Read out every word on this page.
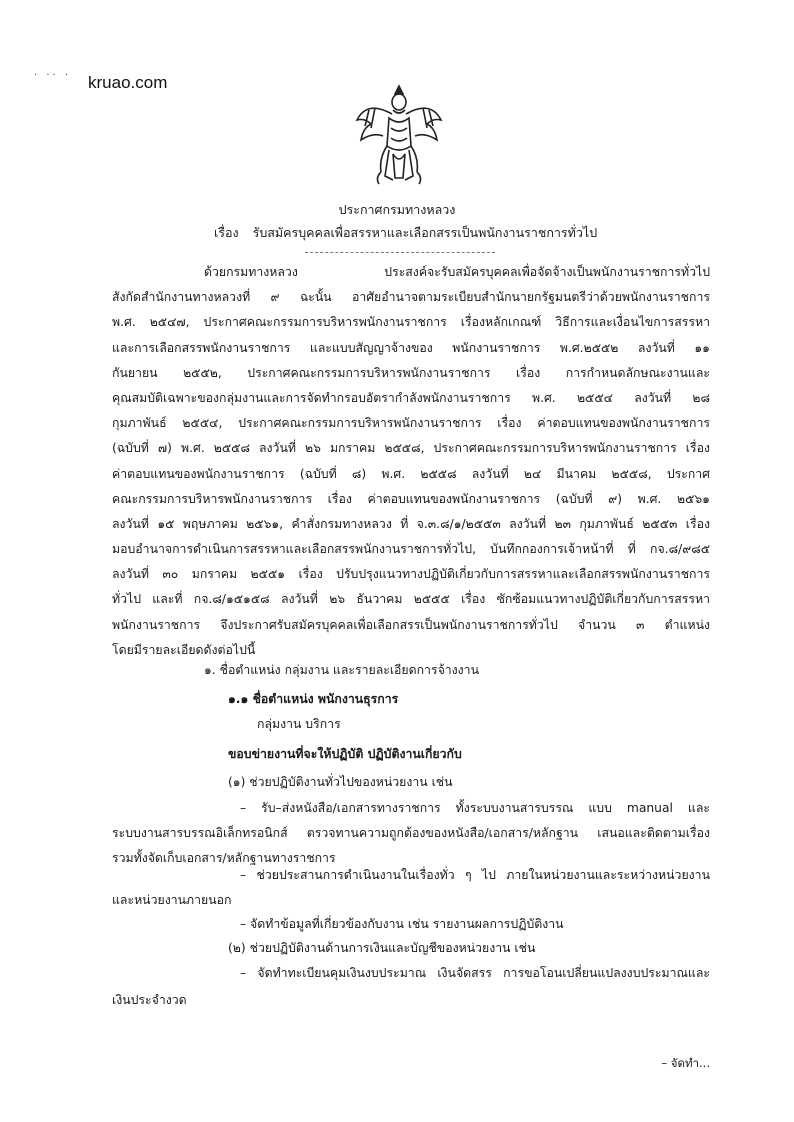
· ·· · kruao.com
ประกาศกรมทางหลวง
เรื่อง รับสมัครบุคคลเพื่อสรรหาและเลือกสรรเป็นพนักงานราชการทั่วไป
ด้วยกรมทางหลวง ประสงค์จะรับสมัครบุคคลเพื่อจัดจ้างเป็นพนักงานราชการทั่วไป
สังกัดสำนักงานทางหลวงที่ ๙ ฉะนั้น อาศัยอำนาจตามระเบียบสำนักนายกรัฐมนตรีว่าด้วยพนักงานราชการ
พ.ศ. ๒๕๔๗, ประกาศคณะกรรมการบริหารพนักงานราชการ เรื่องหลักเกณฑ์ วิธีการและเงื่อนไขการสรรหา
และการเลือกสรรพนักงานราชการ และแบบสัญญาจ้างของ พนักงานราชการ พ.ศ.๒๕๕๒ ลงวันที่ ๑๑
กันยายน ๒๕๕๒, ประกาศคณะกรรมการบริหารพนักงานราชการ เรื่อง การกำหนดลักษณะงานและ
คุณสมบัติเฉพาะของกลุ่มงานและการจัดทำกรอบอัตรากำลังพนักงานราชการ พ.ศ. ๒๕๕๔ ลงวันที่ ๒๘
กุมภาพันธ์ ๒๕๕๔, ประกาศคณะกรรมการบริหารพนักงานราชการ เรื่อง ค่าตอบแทนของพนักงานราชการ
(ฉบับที่ ๗) พ.ศ. ๒๕๕๘ ลงวันที่ ๒๖ มกราคม ๒๕๕๘, ประกาศคณะกรรมการบริหารพนักงานราชการ เรื่อง
ค่าตอบแทนของพนักงานราชการ (ฉบับที่ ๘) พ.ศ. ๒๕๕๘ ลงวันที่ ๒๔ มีนาคม ๒๕๕๘, ประกาศ
คณะกรรมการบริหารพนักงานราชการ เรื่อง ค่าตอบแทนของพนักงานราชการ (ฉบับที่ ๙) พ.ศ. ๒๕๖๑
ลงวันที่ ๑๕ พฤษภาคม ๒๕๖๑, คำสั่งกรมทางหลวง ที่ จ.๓.๘/๑/๒๕๕๓ ลงวันที่ ๒๓ กุมภาพันธ์ ๒๕๕๓ เรื่อง
มอบอำนาจการดำเนินการสรรหาและเลือกสรรพนักงานราชการทั่วไป, บันทึกกองการเจ้าหน้าที่ ที่ กจ.๘/๙๘๕
ลงวันที่ ๓๐ มกราคม ๒๕๕๑ เรื่อง ปรับปรุงแนวทางปฏิบัติเกี่ยวกับการสรรหาและเลือกสรรพนักงานราชการ
ทั่วไป และที่ กจ.๘/๑๕๑๕๘ ลงวันที่ ๒๖ ธันวาคม ๒๕๕๕ เรื่อง ซักซ้อมแนวทางปฏิบัติเกี่ยวกับการสรรหา
พนักงานราชการ จึงประกาศรับสมัครบุคคลเพื่อเลือกสรรเป็นพนักงานราชการทั่วไป จำนวน ๓ ตำแหน่ง
โดยมีรายละเอียดดังต่อไปนี้
๑. ชื่อตำแหน่ง กลุ่มงาน และรายละเอียดการจ้างงาน
๑.๑ ชื่อตำแหน่ง พนักงานธุรการ
กลุ่มงาน บริการ
ขอบข่ายงานที่จะให้ปฏิบัติ ปฏิบัติงานเกี่ยวกับ
(๑) ช่วยปฏิบัติงานทั่วไปของหน่วยงาน เช่น
– รับ–ส่งหนังสือ/เอกสารทางราชการ ทั้งระบบงานสารบรรณ แบบ manual และ
ระบบงานสารบรรณอิเล็กทรอนิกส์ ตรวจทานความถูกต้องของหนังสือ/เอกสาร/หลักฐาน เสนอและติดตามเรื่อง
รวมทั้งจัดเก็บเอกสาร/หลักฐานทางราชการ
– ช่วยประสานการดำเนินงานในเรื่องทั่ว ๆ ไป ภายในหน่วยงานและระหว่างหน่วยงาน
และหน่วยงานภายนอก
– จัดทำข้อมูลที่เกี่ยวข้องกับงาน เช่น รายงานผลการปฏิบัติงาน
(๒) ช่วยปฏิบัติงานด้านการเงินและบัญชีของหน่วยงาน เช่น
– จัดทำทะเบียนคุมเงินงบประมาณ เงินจัดสรร การขอโอนเปลี่ยนแปลงงบประมาณและ
เงินประจำงวด
– จัดทำ...
